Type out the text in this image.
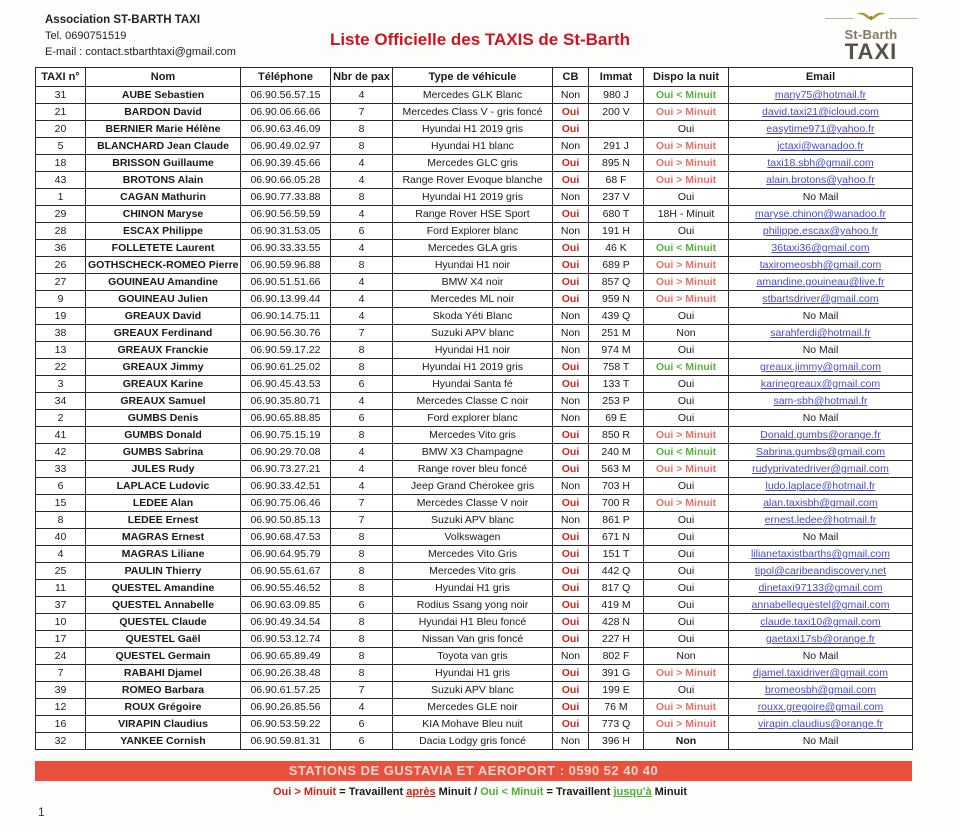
Association ST-BARTH TAXI
Tel. 0690751519
E-mail : contact.stbarthtaxi@gmail.com
Liste Officielle des TAXIS de St-Barth	St-Barth
TAXI
TAXI n°	Nom	Téléphone	Nbr de pax	Type de véhicule	CB	Immat	Dispo la nuit	Email
31	AUBE Sebastien	06.90.56.57.15	4	Mercedes GLK Blanc	Non	980 J	Oui < Minuit	many75@hotmail.fr
21	BARDON David	06.90.06.66.66	7	Mercedes Class V - gris foncé	Oui	200 V	Oui > Minuit	david.taxi21@icloud.com
20	BERNIER Marie Hélène	06.90.63.46.09	8	Hyundai H1 2019 gris	Oui		Oui	easytime971@yahoo.fr
5	BLANCHARD Jean Claude	06.90.49.02.97	8	Hyundai H1 blanc	Non	291 J	Oui > Minuit	jctaxi@wanadoo.fr
18	BRISSON Guillaume	06.90.39.45.66	4	Mercedes GLC gris	Oui	895 N	Oui > Minuit	taxi18.sbh@gmail.com
43	BROTONS Alain	06.90.66.05.28	4	Range Rover Evoque blanche	Oui	68 F	Oui > Minuit	alain.brotons@yahoo.fr
1	CAGAN Mathurin	06.90.77.33.88	8	Hyundai H1 2019 gris	Non	237 V	Oui	No Mail
29	CHINON Maryse	06.90.56.59.59	4	Range Rover HSE Sport	Oui	680 T	18H - Minuit	maryse.chinon@wanadoo.fr
28	ESCAX Philippe	06.90.31.53.05	6	Ford Explorer blanc	Non	191 H	Oui	philippe.escax@yahoo.fr
36	FOLLETETE Laurent	06.90.33.33.55	4	Mercedes GLA gris	Oui	46 K	Oui < Minuit	36taxi36@gmail.com
26	GOTHSCHECK-ROMEO Pierre	06.90.59.96.88	8	Hyundai H1 noir	Oui	689 P	Oui > Minuit	taxiromeosbh@gmail.com
27	GOUINEAU Amandine	06.90.51.51.66	4	BMW X4 noir	Oui	857 Q	Oui > Minuit	amandine.gouineau@live.fr
9	GOUINEAU Julien	06.90.13.99.44	4	Mercedes ML noir	Oui	959 N	Oui > Minuit	stbartsdriver@gmail.com
19	GREAUX David	06.90.14.75.11	4	Skoda Yéti Blanc	Non	439 Q	Oui	No Mail
38	GREAUX Ferdinand	06.90.56.30.76	7	Suzuki APV blanc	Non	251 M	Non	sarahferdi@hotmail.fr
13	GREAUX Franckie	06.90.59.17.22	8	Hyundai H1 noir	Non	974 M	Oui	No Mail
22	GREAUX Jimmy	06.90.61.25.02	8	Hyundai H1 2019 gris	Oui	758 T	Oui < Minuit	greaux.jimmy@gmail.com
3	GREAUX Karine	06.90.45.43.53	6	Hyundai Santa fé	Oui	133 T	Oui	karinegreaux@gmail.com
34	GREAUX Samuel	06.90.35.80.71	4	Mercedes Classe C noir	Non	253 P	Oui	sam-sbh@hotmail.fr
2	GUMBS Denis	06.90.65.88.85	6	Ford explorer blanc	Non	69 E	Oui	No Mail
41	GUMBS Donald	06.90.75.15.19	8	Mercedes Vito gris	Oui	850 R	Oui > Minuit	Donald.gumbs@orange.fr
42	GUMBS Sabrina	06.90.29.70.08	4	BMW X3 Champagne	Oui	240 M	Oui < Minuit	Sabrina.gumbs@gmail.com
33	JULES Rudy	06.90.73.27.21	4	Range rover bleu foncé	Oui	563 M	Oui > Minuit	rudyprivatedriver@gmail.com
6	LAPLACE Ludovic	06.90.33.42.51	4	Jeep Grand Cherokee gris	Non	703 H	Oui	ludo.laplace@hotmail.fr
15	LEDEE Alan	06.90.75.06.46	7	Mercedes Classe V noir	Oui	700 R	Oui > Minuit	alan.taxisbh@gmail.com
8	LEDEE Ernest	06.90.50.85.13	7	Suzuki APV blanc	Non	861 P	Oui	ernest.ledee@hotmail.fr
40	MAGRAS Ernest	06.90.68.47.53	8	Volkswagen	Oui	671 N	Oui	No Mail
4	MAGRAS Liliane	06.90.64.95.79	8	Mercedes Vito Gris	Oui	151 T	Oui	lilianetaxistbarths@gmail.com
25	PAULIN Thierry	06.90.55.61.67	8	Mercedes Vito gris	Oui	442 Q	Oui	tipol@caribeandiscovery.net
11	QUESTEL Amandine	06.90.55.46.52	8	Hyundai H1 gris	Oui	817 Q	Oui	dinetaxi97133@gmail.com
37	QUESTEL Annabelle	06.90.63.09.85	6	Rodius Ssang yong noir	Oui	419 M	Oui	annabellequestel@gmail.com
10	QUESTEL Claude	06.90.49.34.54	8	Hyundai H1 Bleu foncé	Oui	428 N	Oui	claude.taxi10@gmail.com
17	QUESTEL Gaël	06.90.53.12.74	8	Nissan Van gris foncé	Oui	227 H	Oui	gaetaxi17sb@orange.fr
24	QUESTEL Germain	06.90.65.89.49	8	Toyota van gris	Non	802 F	Non	No Mail
7	RABAHI Djamel	06.90.26.38.48	8	Hyundai H1 gris	Oui	391 G	Oui > Minuit	djamel.taxidriver@gmail.com
39	ROMEO Barbara	06.90.61.57.25	7	Suzuki APV blanc	Oui	199 E	Oui	bromeosbh@gmail.com
12	ROUX Grégoire	06.90.26.85.56	4	Mercedes GLE noir	Oui	76 M	Oui > Minuit	rouxx.gregoire@gmail.com
16	VIRAPIN Claudius	06.90.53.59.22	6	KIA Mohave Bleu nuit	Oui	773 Q	Oui > Minuit	virapin.claudius@orange.fr
32	YANKEE Cornish	06.90.59.81.31	6	Dacia Lodgy gris foncé	Non	396 H	Non	No Mail
STATIONS DE GUSTAVIA ET AEROPORT : 0590 52 40 40
Oui > Minuit = Travaillent après Minuit / Oui < Minuit = Travaillent jusqu'à Minuit
1
